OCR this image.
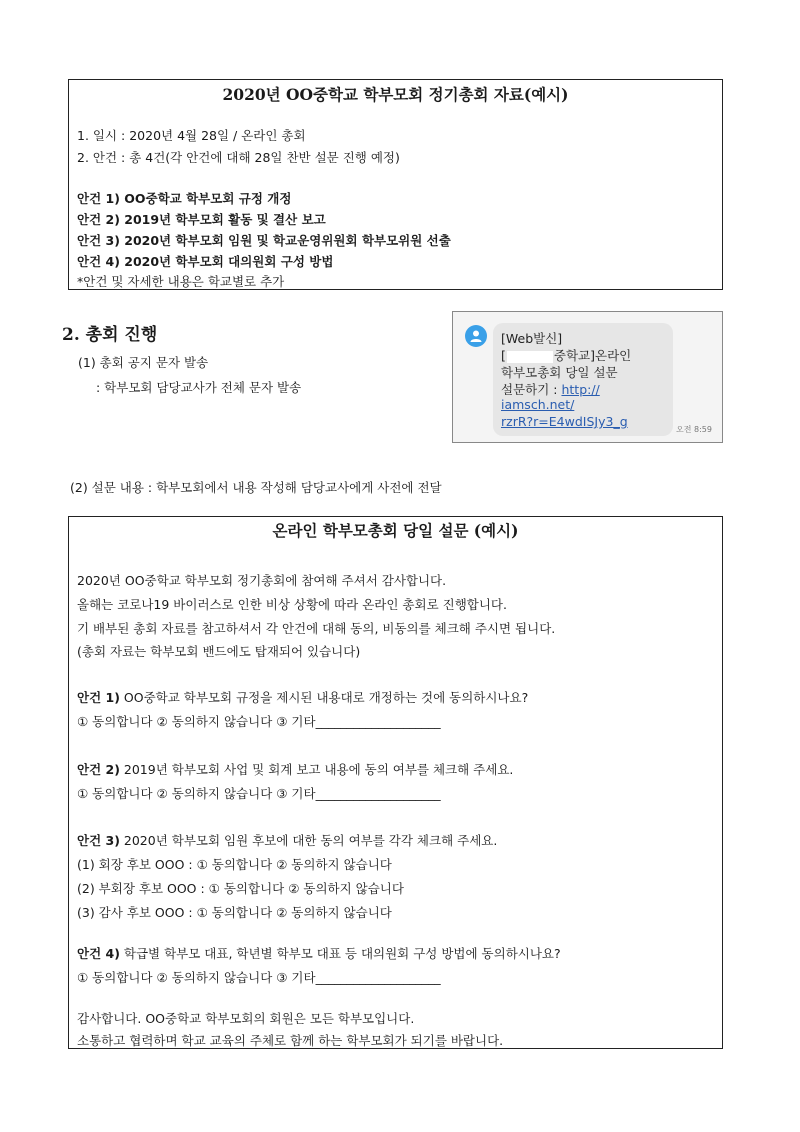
2020년 OO중학교 학부모회 정기총회 자료(예시)

1. 일시 : 2020년 4월 28일 / 온라인 총회
2. 안건 : 총 4건(각 안건에 대해 28일 찬반 설문 진행 예정)
안건 1) OO중학교 학부모회 규정 개정
안건 2) 2019년 학부모회 활동 및 결산 보고
안건 3) 2020년 학부모회 임원 및 학교운영위원회 학부모위원 선출
안건 4) 2020년 학부모회 대의원회 구성 방법
*안건 및 자세한 내용은 학교별로 추가
2. 총회 진행
(1) 총회 공지 문자 발송
: 학부모회 담당교사가 전체 문자 발송
[Web발신]
[	중학교]온라인
학부모총회 당일 설문
설문하기 : http://
iamsch.net/
rzrR?r=E4wdISJy3_g
오전 8:59
(2) 설문 내용 : 학부모회에서 내용 작성해 담당교사에게 사전에 전달

온라인 학부모총회 당일 설문 (예시)

2020년 OO중학교 학부모회 정기총회에 참여해 주셔서 감사합니다.
올해는 코로나19 바이러스로 인한 비상 상황에 따라 온라인 총회로 진행합니다.
기 배부된 총회 자료를 참고하셔서 각 안건에 대해 동의, 비동의를 체크해 주시면 됩니다.
(총회 자료는 학부모회 밴드에도 탑재되어 있습니다)
안건 1) OO중학교 학부모회 규정을 제시된 내용대로 개정하는 것에 동의하시나요?
① 동의합니다 ② 동의하지 않습니다 ③ 기타____________________
안건 2) 2019년 학부모회 사업 및 회계 보고 내용에 동의 여부를 체크해 주세요.
① 동의합니다 ② 동의하지 않습니다 ③ 기타____________________
안건 3) 2020년 학부모회 임원 후보에 대한 동의 여부를 각각 체크해 주세요.
(1) 회장 후보 OOO : ① 동의합니다 ② 동의하지 않습니다
(2) 부회장 후보 OOO : ① 동의합니다 ② 동의하지 않습니다
(3) 감사 후보 OOO : ① 동의합니다 ② 동의하지 않습니다
안건 4) 학급별 학부모 대표, 학년별 학부모 대표 등 대의원회 구성 방법에 동의하시나요?
① 동의합니다 ② 동의하지 않습니다 ③ 기타____________________
감사합니다. OO중학교 학부모회의 회원은 모든 학부모입니다.
소통하고 협력하며 학교 교육의 주체로 함께 하는 학부모회가 되기를 바랍니다.
